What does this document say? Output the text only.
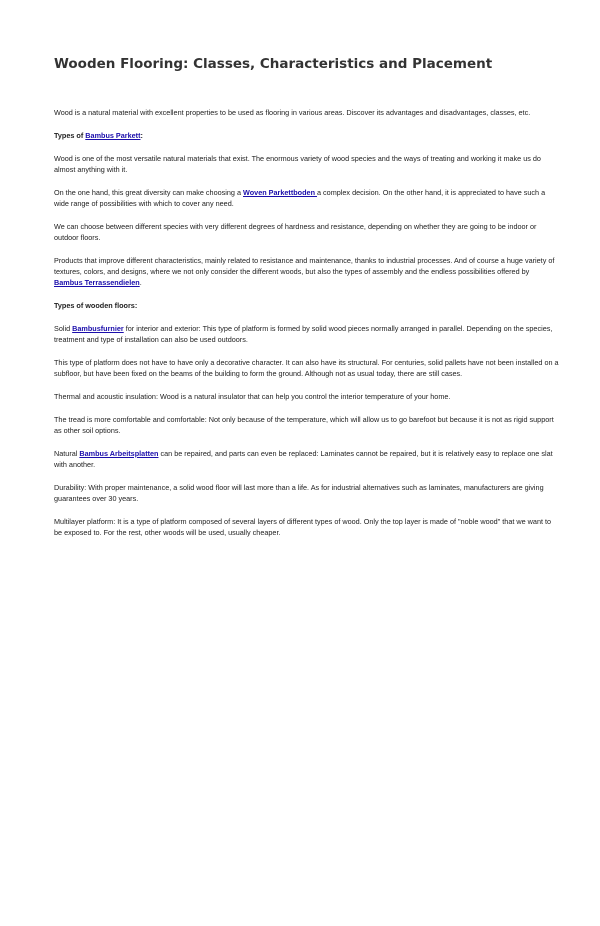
Wooden Flooring: Classes, Characteristics and Placement

Wood is a natural material with excellent properties to be used as flooring in various areas. Discover its advantages and disadvantages, classes, etc.

Types of Bambus Parkett:

Wood is one of the most versatile natural materials that exist. The enormous variety of wood species and the ways of treating and working it make us do almost anything with it.

On the one hand, this great diversity can make choosing a Woven Parkettboden a complex decision. On the other hand, it is appreciated to have such a wide range of possibilities with which to cover any need.

We can choose between different species with very different degrees of hardness and resistance, depending on whether they are going to be indoor or outdoor floors.

Products that improve different characteristics, mainly related to resistance and maintenance, thanks to industrial processes. And of course a huge variety of textures, colors, and designs, where we not only consider the different woods, but also the types of assembly and the endless possibilities offered by Bambus Terrassendielen.

Types of wooden floors:

Solid Bambusfurnier for interior and exterior: This type of platform is formed by solid wood pieces normally arranged in parallel. Depending on the species, treatment and type of installation can also be used outdoors.

This type of platform does not have to have only a decorative character. It can also have its structural. For centuries, solid pallets have not been installed on a subfloor, but have been fixed on the beams of the building to form the ground. Although not as usual today, there are still cases.

Thermal and acoustic insulation: Wood is a natural insulator that can help you control the interior temperature of your home.

The tread is more comfortable and comfortable: Not only because of the temperature, which will allow us to go barefoot but because it is not as rigid support as other soil options.

Natural Bambus Arbeitsplatten can be repaired, and parts can even be replaced: Laminates cannot be repaired, but it is relatively easy to replace one slat with another.

Durability: With proper maintenance, a solid wood floor will last more than a life. As for industrial alternatives such as laminates, manufacturers are giving guarantees over 30 years.

Multilayer platform: It is a type of platform composed of several layers of different types of wood. Only the top layer is made of "noble wood" that we want to be exposed to. For the rest, other woods will be used, usually cheaper.
